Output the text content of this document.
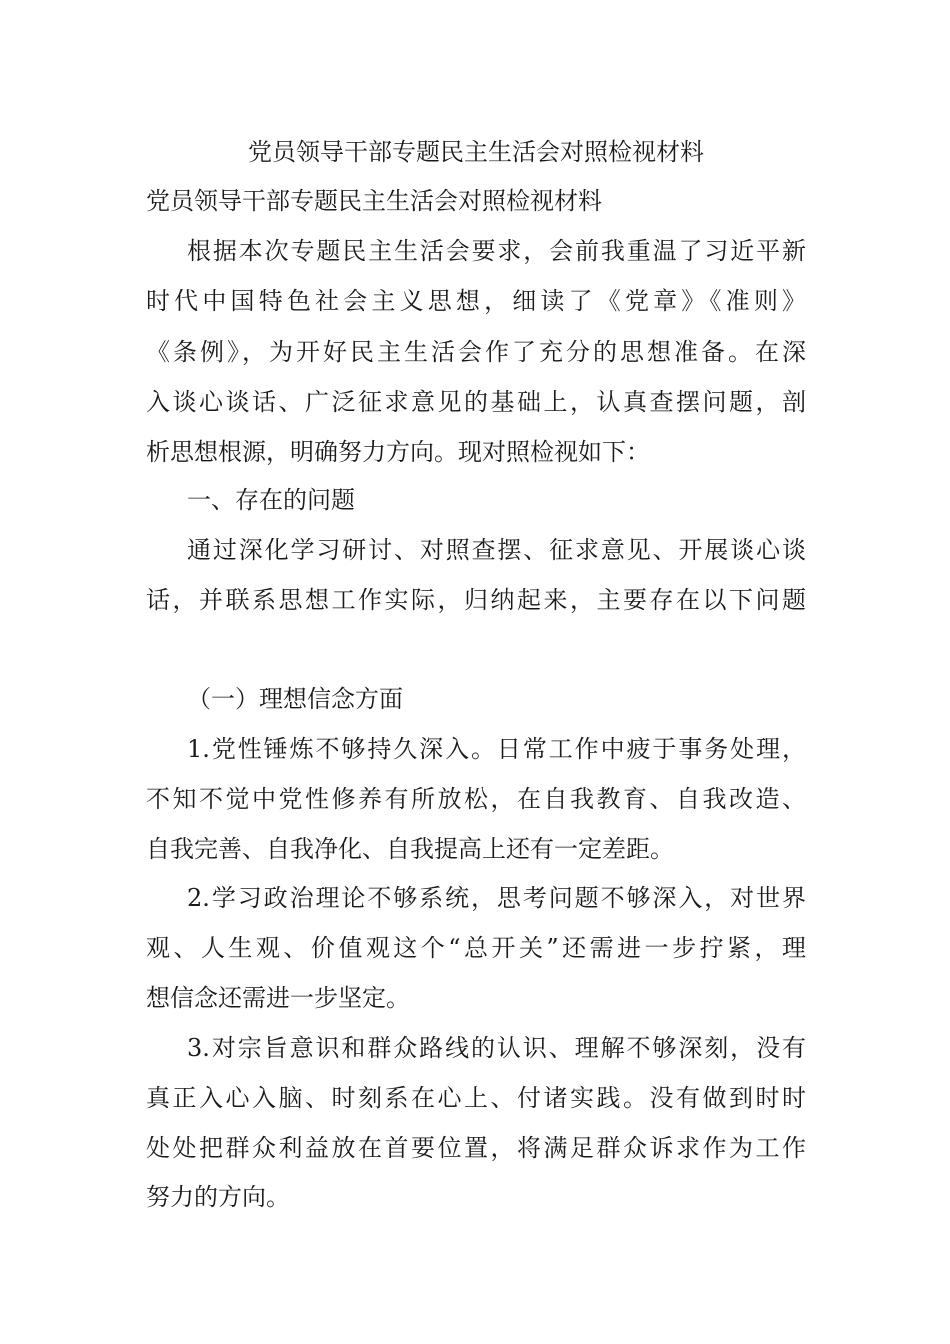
党员领导干部专题民主生活会对照检视材料
党员领导干部专题民主生活会对照检视材料
根据本次专题民主生活会要求，会前我重温了习近平新
时代中国特色社会主义思想，细读了《党章》《准则》
《条例》，为开好民主生活会作了充分的思想准备。在深
入谈心谈话、广泛征求意见的基础上，认真查摆问题，剖
析思想根源，明确努力方向。现对照检视如下：
一、存在的问题
通过深化学习研讨、对照查摆、征求意见、开展谈心谈
话，并联系思想工作实际，归纳起来，主要存在以下问题
（一）理想信念方面
1.党性锤炼不够持久深入。日常工作中疲于事务处理，
不知不觉中党性修养有所放松，在自我教育、自我改造、
自我完善、自我净化、自我提高上还有一定差距。
2.学习政治理论不够系统，思考问题不够深入，对世界
观、人生观、价值观这个“总开关”还需进一步拧紧，理
想信念还需进一步坚定。
3.对宗旨意识和群众路线的认识、理解不够深刻，没有
真正入心入脑、时刻系在心上、付诸实践。没有做到时时
处处把群众利益放在首要位置，将满足群众诉求作为工作
努力的方向。
